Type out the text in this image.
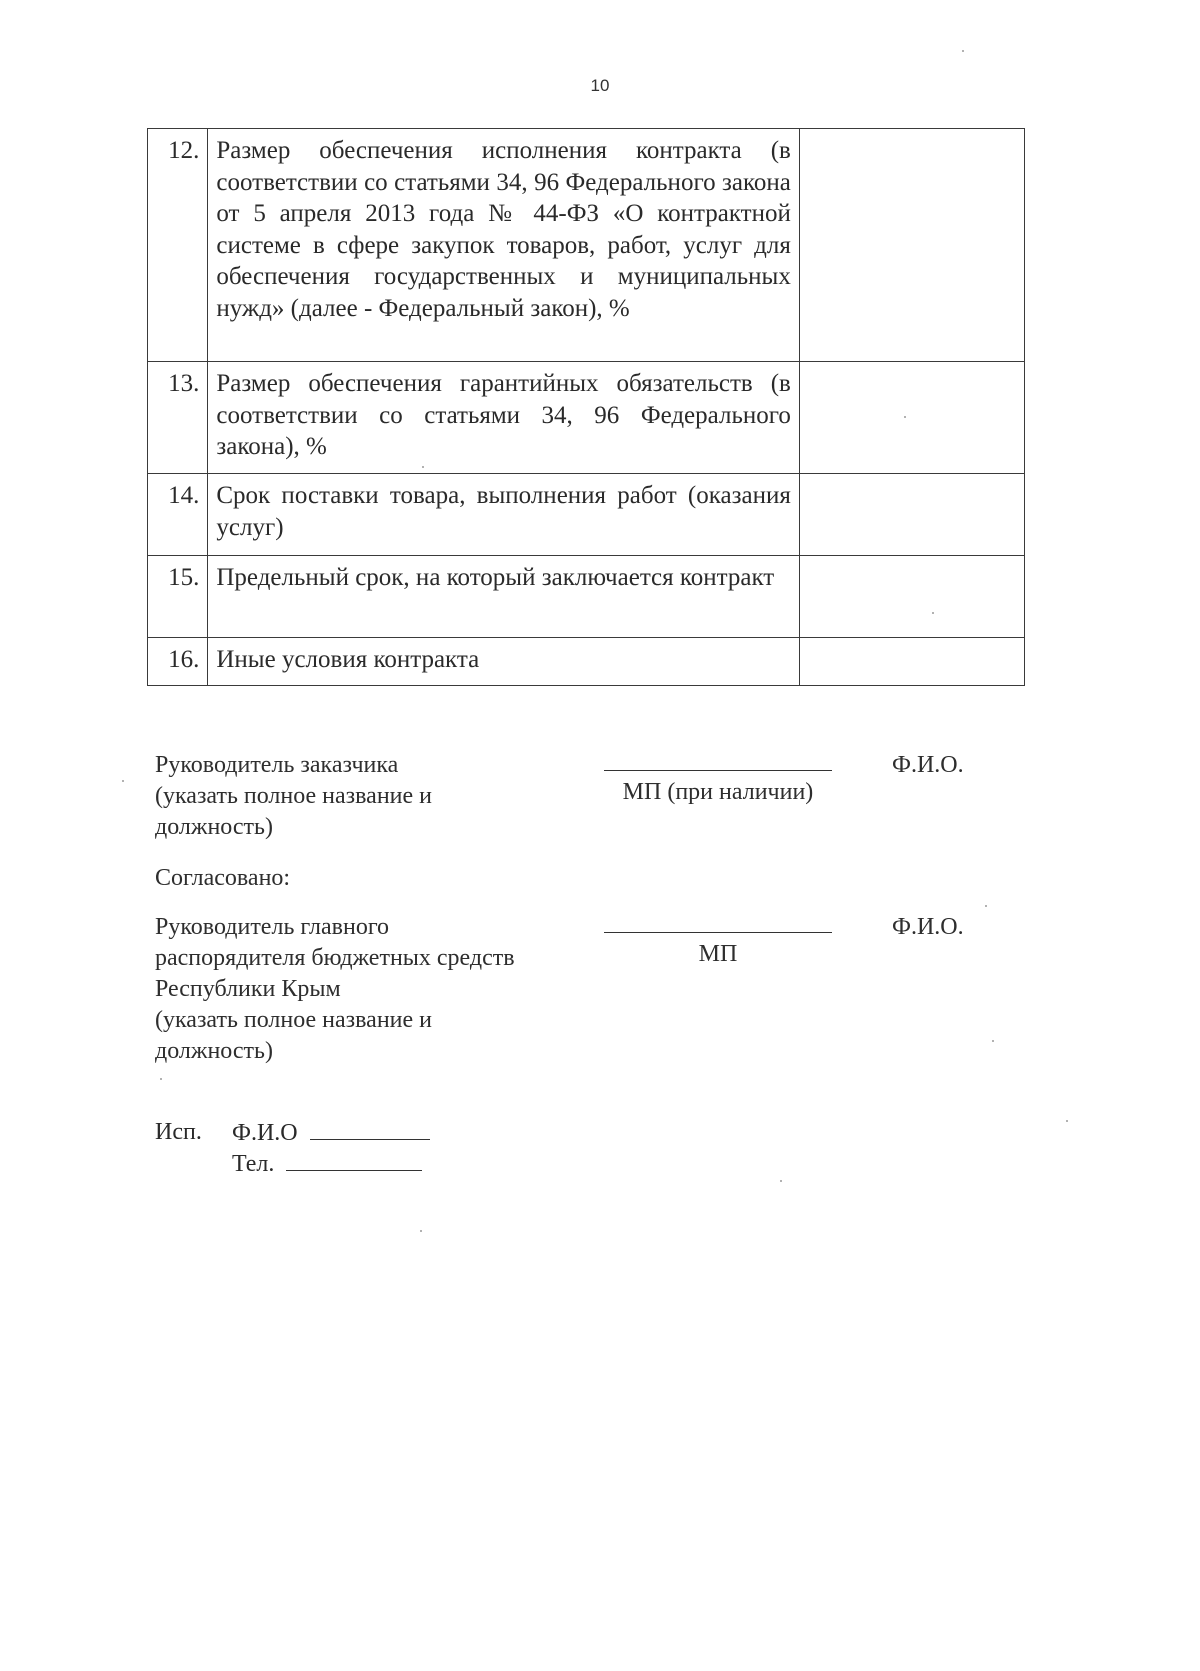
10
12.	Размер обеспечения исполнения контракта (в соответствии со статьями 34, 96 Федерального закона от 5 апреля 2013 года № 44-ФЗ «О контрактной системе в сфере закупок товаров, работ, услуг для обеспечения государственных и муниципальных нужд» (далее - Федеральный закон), %	
13.	Размер обеспечения гарантийных обязательств (в соответствии со статьями 34, 96 Федерального закона), %	
14.	Срок поставки товара, выполнения работ (оказания услуг)	
15.	Предельный срок, на который заключается контракт	
16.	Иные условия контракта	
Руководитель заказчика
(указать полное название и
должность)
МП (при наличии)
Ф.И.О.
Согласовано:
Руководитель главного
распорядителя бюджетных средств
Республики Крым
(указать полное название и
должность)
МП
Ф.И.О.
Исп. Ф.И.О
Тел.
